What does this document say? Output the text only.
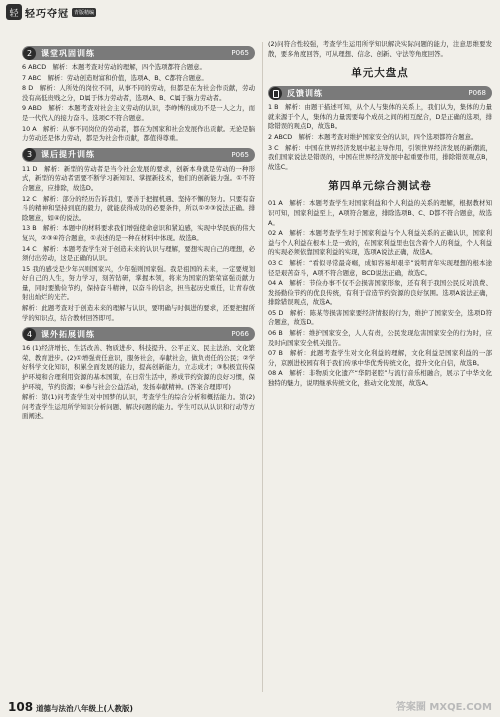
轻 轻巧夺冠	青版精编
2	课堂巩固训练	P065

6 ABCD　解析：本题考查对劳动的理解，四个选项都符合题意。

7 ABC　解析：劳动创造财富和价值，选项A、B、C都符合题意。

8 D　解析：人所处的岗位不同，从事不同的劳动，但都是在为社会作贡献，劳动没有高低贵贱之分，D属于体力劳动者，选项A、B、C属于脑力劳动者。

9 ABD　解析：本题考查对社会主义劳动的认识，李峥博的成功不是一人之力，而是一代代人的接力奋斗。选项C不符合题意。

10 A　解析：从事不同岗位的劳动者，都在为国家和社会发展作出贡献。无论是脑力劳动还是体力劳动，都是为社会作贡献，都值得尊重。

3	课后提升训练	P065

11 D　解析：新型的劳动者是当今社会发展的要求，创新本身就是劳动的一种形式，新型的劳动者需要不断学习新知识、掌握新技术，他们的创新能力强。①不符合题意，应排除，故选D。

12 C　解析：部分的经历告诉我们，要善于把握机遇、坚持不懈的努力。只要有奋斗的精神和坚持到底的毅力，就能获得成功的必要条件，所以①②③说法正确。排除题意，如④的说法。

13 B　解析：本题中的材料要求我们增强使命意识和紧迫感，实现中华民族的伟大复兴，②③④符合题意，①表述的是一种在材料中体现。故选B。

14 C　解析：本题考查学生对于创造未来的认识与理解，要想实现自己的理想，必须付出劳动，这是正确的认识。

15 我的感受是少年兴则国家兴，少年强则国家强。我是祖国的未来，一定要规划好自己的人生，努力学习，刻苦钻研，掌握本领，将来为国家的繁荣富强贡献力量，同时要勤俭节约，保持奋斗精神，以奋斗的信念，担当起历史重任，让青春放射出灿烂的光芒。

解析：此题考查对于创造未来的理解与认识，要明确与时俱进的要求，还要把握所学的知识点，结合教材回答即可。

4	课外拓展训练	P066

16 (1)经济增长、生活改善、物质进步、科技提升、公平正义、民主法治、文化繁荣、教育进步。(2)①增强责任意识，服务社会，奉献社会，做负责任的公民；②学好科学文化知识，积累全面发展的能力，提高创新能力，立志成才；③积极宣传保护环境和合理利用资源的基本国策，在日常生活中，养成节约资源的良好习惯，保护环境，节约资源；④参与社会公益活动，发扬奉献精神。(答案合理即可)

解析：第(1)问考查学生对中国梦的认识，考查学生的综合分析和概括能力。第(2)问考查学生运用所学知识分析问题、解决问题的能力。学生可以从认识和行动等方面阐述。

(2)问符合性较强，考查学生运用所学知识解决实际问题的能力，注意思维要发散，要多角度回答，可从理想、信念、创新、守法等角度回答。

单元大盘点
反馈训练	P068

1 B　解析：由题干描述可知，从个人与集体的关系上，我们认为，集体的力量就来源于个人，集体的力量需要每个成员之间的相互配合，D是正确的选项，排除错误的观点D，故选B。

2 ABCD　解析：本题考查对维护国家安全的认识，四个选项都符合题意。

3 C　解析：中国在世界经济发展中起主导作用，引领世界经济发展的新潮流，我们国家说法是错误的，中国在世界经济发展中起重要作用，排除错误观点B，故选C。

第四单元综合测试卷

01 A　解析：本题考查学生对国家利益和个人利益的关系的理解，根据教材知识可知，国家利益至上，A项符合题意，排除选项B、C、D都不符合题意，故选A。

02 A　解析：本题考查学生对于国家利益与个人利益关系的正确认识，国家利益与个人利益在根本上是一致的，在国家利益里也包含着个人的利益，个人利益的实现必须依靠国家利益的实现，选项A说法正确，故选A。

03 C　解析：“看似寻常最奇崛，成如容易却艰辛”说明青年实现理想的根本途径是艰苦奋斗，A项不符合题意，BCD说法正确，故选C。

04 A　解析：节俭办事不仅不会损害国家形象，还有利于我国公民反对浪费、发扬勤俭节约的优良传统，有利于营造节约资源的良好氛围。选项A说法正确，排除错误观点，故选A。

05 D　解析：陈某等损害国家要经济情报的行为，维护了国家安全，选项D符合题意，故选D。

06 B　解析：维护国家安全，人人有责，公民发现危害国家安全的行为时，应及时向国家安全机关报告。

07 B　解析：此题考查学生对文化利益的理解，文化利益是国家利益的一部分，京剧进校园有利于我们传承中华优秀传统文化，提升文化自信，故选B。

08 A　解析：非物质文化遗产“华阴老腔”与流行音乐相融合，展示了中华文化独特的魅力，说明继承传统文化，推动文化发展，故选A。

108 道德与法治八年级上(人教版)	答案圈 MXQE.COM
